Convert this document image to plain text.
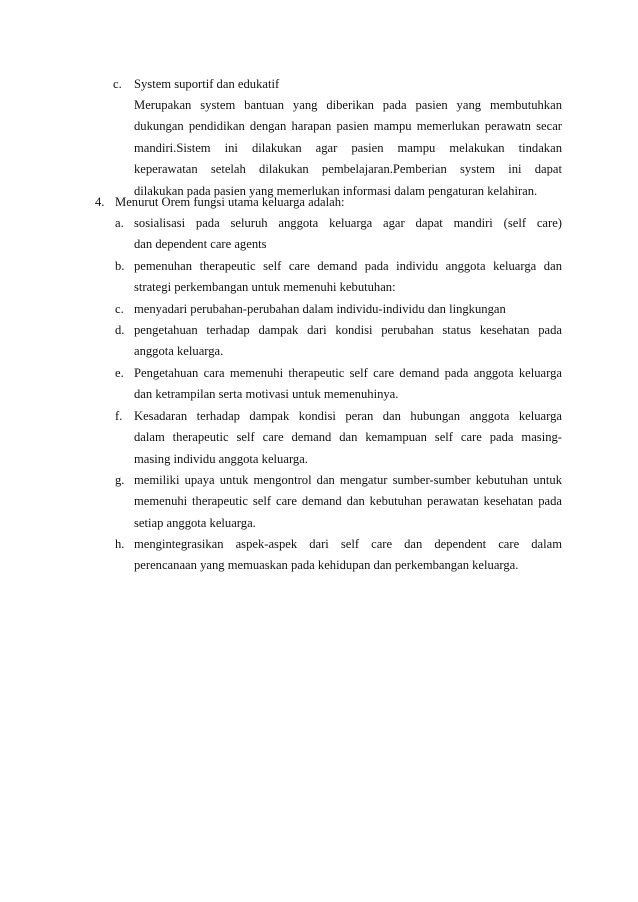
c. System suportif dan edukatif
Merupakan system bantuan yang diberikan pada pasien yang membutuhkan
dukungan pendidikan dengan harapan pasien mampu memerlukan perawatn secar
mandiri.Sistem ini dilakukan agar pasien mampu melakukan tindakan
keperawatan setelah dilakukan pembelajaran.Pemberian system ini dapat
dilakukan pada pasien yang memerlukan informasi dalam pengaturan kelahiran.
4. Menurut Orem fungsi utama keluarga adalah:
a. sosialisasi pada seluruh anggota keluarga agar dapat mandiri (self care)
dan dependent care agents
b. pemenuhan therapeutic self care demand pada individu anggota keluarga dan
strategi perkembangan untuk memenuhi kebutuhan:
c. menyadari perubahan-perubahan dalam individu-individu dan lingkungan
d. pengetahuan terhadap dampak dari kondisi perubahan status kesehatan pada
anggota keluarga.
e. Pengetahuan cara memenuhi therapeutic self care demand pada anggota keluarga
dan ketrampilan serta motivasi untuk memenuhinya.
f. Kesadaran terhadap dampak kondisi peran dan hubungan anggota keluarga
dalam therapeutic self care demand dan kemampuan self care pada masing-
masing individu anggota keluarga.
g. memiliki upaya untuk mengontrol dan mengatur sumber-sumber kebutuhan untuk
memenuhi therapeutic self care demand dan kebutuhan perawatan kesehatan pada
setiap anggota keluarga.
h. mengintegrasikan aspek-aspek dari self care dan dependent care dalam
perencanaan yang memuaskan pada kehidupan dan perkembangan keluarga.
